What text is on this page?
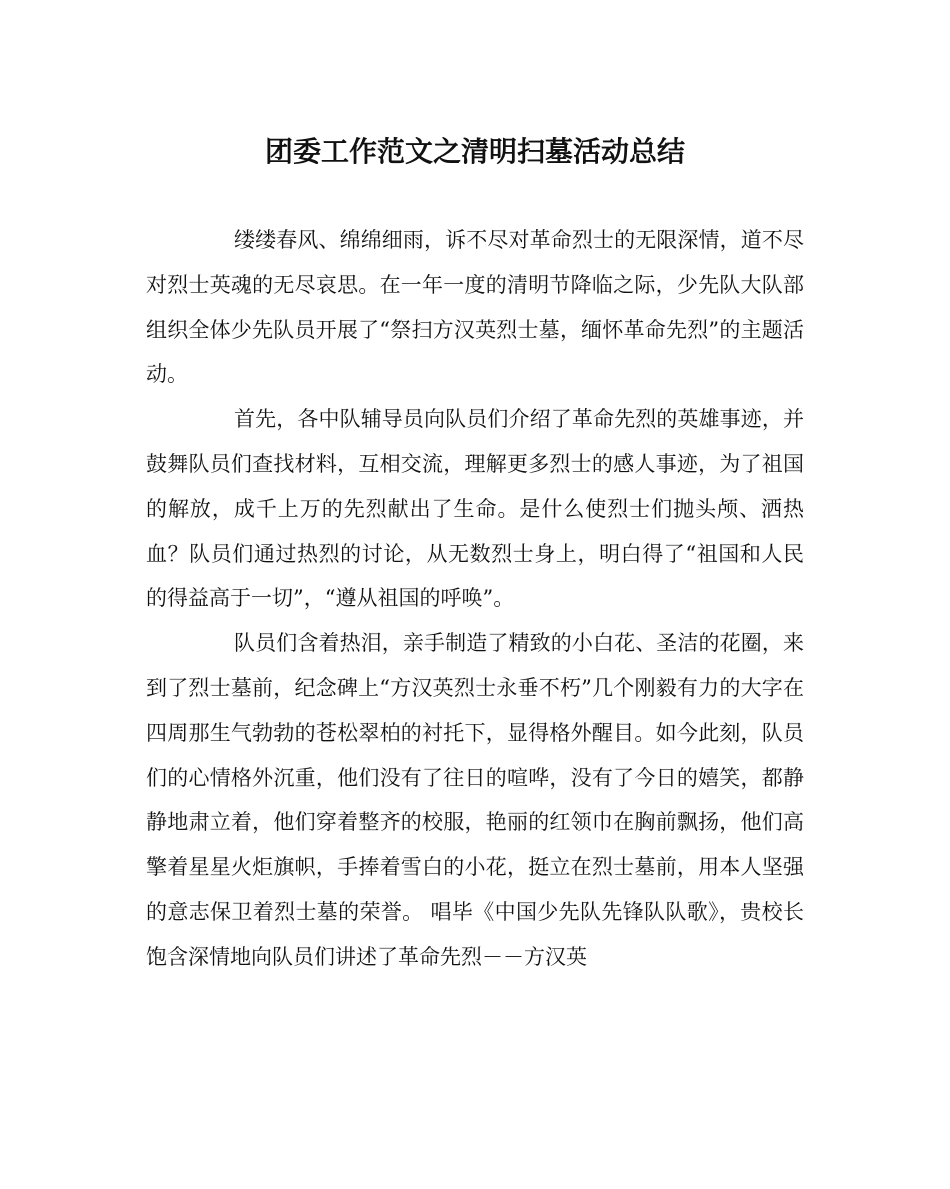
团委工作范文之清明扫墓活动总结

缕缕春风、绵绵细雨，诉不尽对革命烈士的无限深情，道不尽对烈士英魂的无尽哀思。在一年一度的清明节降临之际，少先队大队部组织全体少先队员开展了“祭扫方汉英烈士墓，缅怀革命先烈”的主题活动。

首先，各中队辅导员向队员们介绍了革命先烈的英雄事迹，并鼓舞队员们查找材料，互相交流，理解更多烈士的感人事迹，为了祖国的解放，成千上万的先烈献出了生命。是什么使烈士们抛头颅、洒热血？队员们通过热烈的讨论，从无数烈士身上，明白得了“祖国和人民的得益高于一切”，“遵从祖国的呼唤”。

队员们含着热泪，亲手制造了精致的小白花、圣洁的花圈，来到了烈士墓前，纪念碑上“方汉英烈士永垂不朽”几个刚毅有力的大字在四周那生气勃勃的苍松翠柏的衬托下，显得格外醒目。如今此刻，队员们的心情格外沉重，他们没有了往日的喧哗，没有了今日的嬉笑，都静静地肃立着，他们穿着整齐的校服，艳丽的红领巾在胸前飘扬，他们高擎着星星火炬旗帜，手捧着雪白的小花，挺立在烈士墓前，用本人坚强的意志保卫着烈士墓的荣誉。 唱毕《中国少先队先锋队队歌》，贵校长饱含深情地向队员们讲述了革命先烈－－方汉英
